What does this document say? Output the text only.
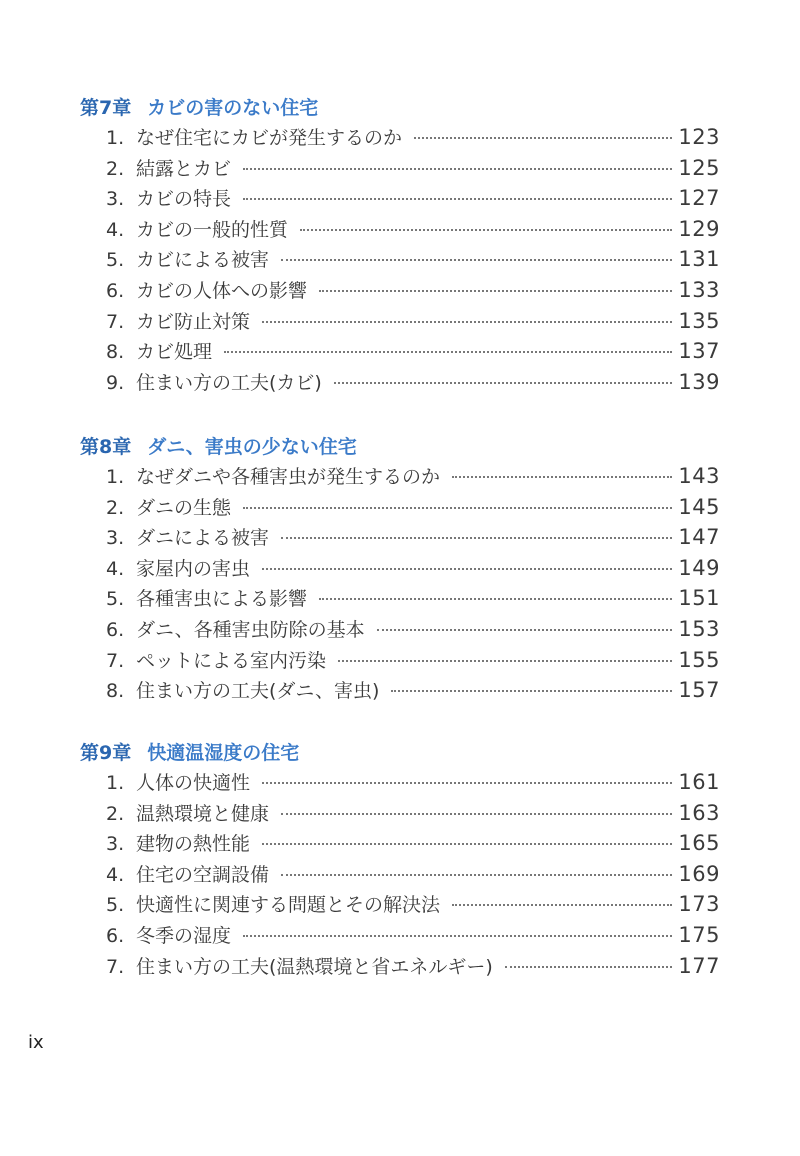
第7章 カビの害のない住宅
1. なぜ住宅にカビが発生するのか	123
2. 結露とカビ	125
3. カビの特長	127
4. カビの一般的性質	129
5. カビによる被害	131
6. カビの人体への影響	133
7. カビ防止対策	135
8. カビ処理	137
9. 住まい方の工夫(カビ)	139
第8章 ダニ、害虫の少ない住宅
1. なぜダニや各種害虫が発生するのか	143
2. ダニの生態	145
3. ダニによる被害	147
4. 家屋内の害虫	149
5. 各種害虫による影響	151
6. ダニ、各種害虫防除の基本	153
7. ペットによる室内汚染	155
8. 住まい方の工夫(ダニ、害虫)	157
第9章 快適温湿度の住宅
1. 人体の快適性	161
2. 温熱環境と健康	163
3. 建物の熱性能	165
4. 住宅の空調設備	169
5. 快適性に関連する問題とその解決法	173
6. 冬季の湿度	175
7. 住まい方の工夫(温熱環境と省エネルギー)	177
ix
